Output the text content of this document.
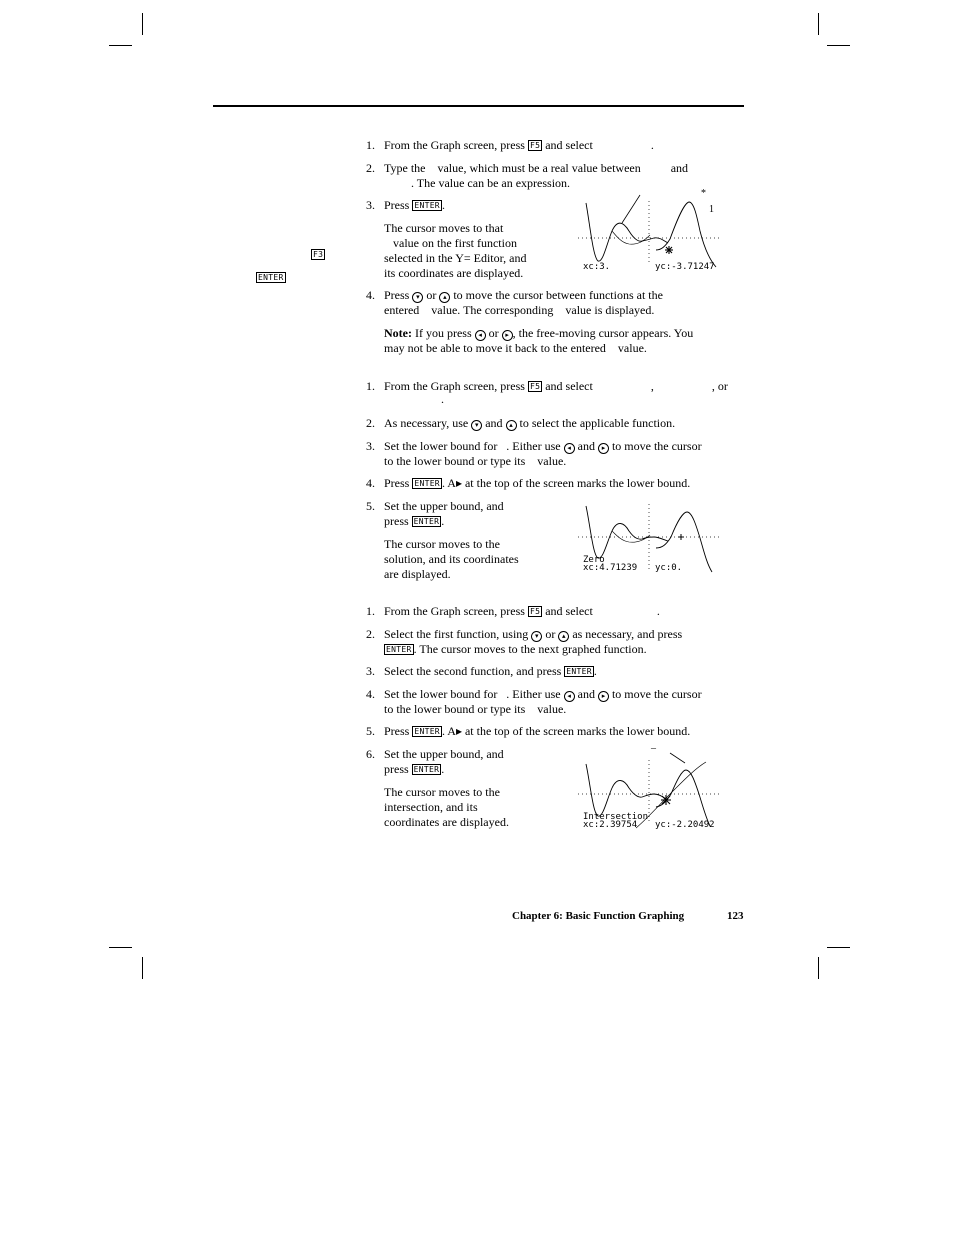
F3
ENTER
1. From the Graph screen, press F5 and select	.
2. Type the    value, which must be a real value between          and
. The value can be an expression.
3. Press ENTER .
The cursor moves to that
value on the first function
selected in the Y= Editor, and
its coordinates are displayed.
*
1
xc:3.	yc:-3.71247
4. Press ▾ or ▴ to move the cursor between functions at the
entered    value. The corresponding    value is displayed.
Note: If you press ◂ or ▸ , the free-moving cursor appears. You
may not be able to move it back to the entered    value.
1. From the Graph screen, press F5 and select	,	, or
.
2. As necessary, use ▾ and ▴ to select the applicable function.
3. Set the lower bound for   . Either use ◂ and ▸ to move the cursor
to the lower bound or type its    value.
4. Press ENTER . A▸ at the top of the screen marks the lower bound.
5. Set the upper bound, and
press ENTER .
The cursor moves to the
solution, and its coordinates
are displayed.
Zero
xc:4.71239 yc:0.
1. From the Graph screen, press F5 and select	.
2. Select the first function, using ▾ or ▴ as necessary, and press
ENTER . The cursor moves to the next graphed function.
3. Select the second function, and press ENTER .
4. Set the lower bound for   . Either use ◂ and ▸ to move the cursor
to the lower bound or type its    value.
5. Press ENTER . A▸ at the top of the screen marks the lower bound.
6. Set the upper bound, and
press ENTER .
The cursor moves to the
intersection, and its
coordinates are displayed.
–
Intersection
xc:2.39754 yc:-2.20492
Chapter 6: Basic Function Graphing	123
